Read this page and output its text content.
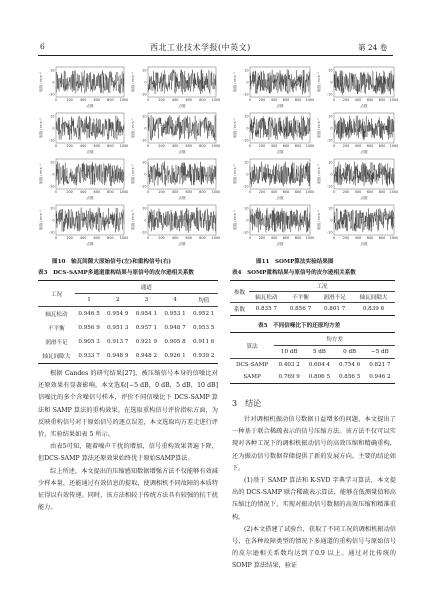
6	西北工业技术学报(中英文)	第 24 卷
幅值 / m·s⁻²
10
0
-10
0	200 400 600 800 1000
点数
幅值 / m·s⁻²
10
0
-10
0	200 400 600 800 1000
点数
幅值 / m·s⁻²
10
0
-10
0	200 400 600 800 1000
点数
幅值 / m·s⁻²
10
0
-10
0	200 400 600 800 1000
点数
幅值 / m·s⁻²
10
0
-10
0	200 400 600 800 1000
点数
幅值 / m·s⁻²
10
0
-10
0	200 400 600 800 1000
点数
幅值 / m·s⁻²
10
0
-10
0	200 400 600 800 1000
点数
幅值 / m·s⁻²
10
0
-10
0	200 400 600 800 1000
点数
图10　轴瓦间隙大原始信号(左)和重构信号(右)
幅值 / m·s⁻²
10
0
-10
0 200 400 600 800 1000
点数
幅值 / m·s⁻²
10
0
-10
0 200 400 600 800 1000
点数
幅值 / m·s⁻²
10
0
-10
0 200 400 600 800 1000
点数
幅值 / m·s⁻²
10
0
-10
0 200 400 600 800 1000
点数
幅值 / m·s⁻²
10
0
-10
0 200 400 600 800 1000
点数
幅值 / m·s⁻²
10
0
-10
0 200 400 600 800 1000
点数
幅值 / m·s⁻²
10
0
-10
0 200 400 600 800 1000
点数
幅值 / m·s⁻²
10
0
-10
0 200 400 600 800 1000
点数
图11　SOMP算法实验结果图
表3　DCS-SAMP多通道重构结果与原信号的皮尔逊相关系数
工况	通道				
	1	2	3	4	均值
轴瓦松动	0.946 5	0.954 9	0.954 1	0.953 1	0.952 1
不平衡	0.956 9	0.951 3	0.957 1	0.948 7	0.953 5
润滑不足	0.905 3	0.913 7	0.921 9	0.905 8	0.911 6
轴瓦间隙大	0.933 7	0.948 9	0.948 2	0.926 1	0.939 2
表4　SOMP重构结果与原信号的皮尔逊相关系数
参数	工况			
	轴瓦松动	不平衡	润滑不足	轴瓦间隙大
系数	0.835 7	0.856 7	0.801 7	0.839 6
表5　不同信噪比下的还原均方差
算法	均方差			
	10 dB	5 dB	0 dB	−5 dB
DCS-SAMP	0.403 2	0.604 4	0.754 6	0.821 7
SAMP	0.769 9	0.806 5	0.856 5	0.946 2

根据 Candes 的研究结果[27]，被压缩信号本身的信噪比对还原效果有显著影响。本文选取[−5 dB，0 dB，5 dB，10 dB]信噪比的多个含噪信号样本，评价不同信噪比下 DCS-SAMP 算法和 SAMP 算法的重构效果。在选取重构信号评价指标方面，为反映重构信号对于原始信号的逐点误差，本文选取均方差走进行评价，实验结果如表 5 所示。

由表5可知，随着噪声干扰的增加，信号重构效果普遍下降，但DCS-SAMP 算法还原效果始终优于原始SAMP算法。

综上所述，本文提出的压缩感知数据增强方法不仅能够有效减少样本量，还能通过有效信息的提取，使调相机不同故障的本质特征得以有效传递。同时，该方法相较于传统方法具有较强的抗干扰能力。

3　结论

针对调相机振动信号数据日益增多的问题，本文提出了一种基于联合稀疏表示的信号压缩方法。该方法不仅可以实现对各种工况下的调相机振动信号的高效压缩和精确重构，还为振动信号数据存储提供了新的发展方向。主要的结论如下。

(1)基于 SAMP 算法和 K-SVD 字典学习算法，本文提出的 DCS-SAMP 联合稀疏表示算法，能够在低测量值和高压缩比的情况下，实现对振动信号数据的高效压缩和精准重构。

(2)本文搭建了试验台，获取了不同工况的调相机振动信号，在各种故障类型的情况下多通道的重构信号与原始信号的皮尔逊相关系数均达到了0.9 以上。通过对比传统的 SOMP 算法结果，验证
